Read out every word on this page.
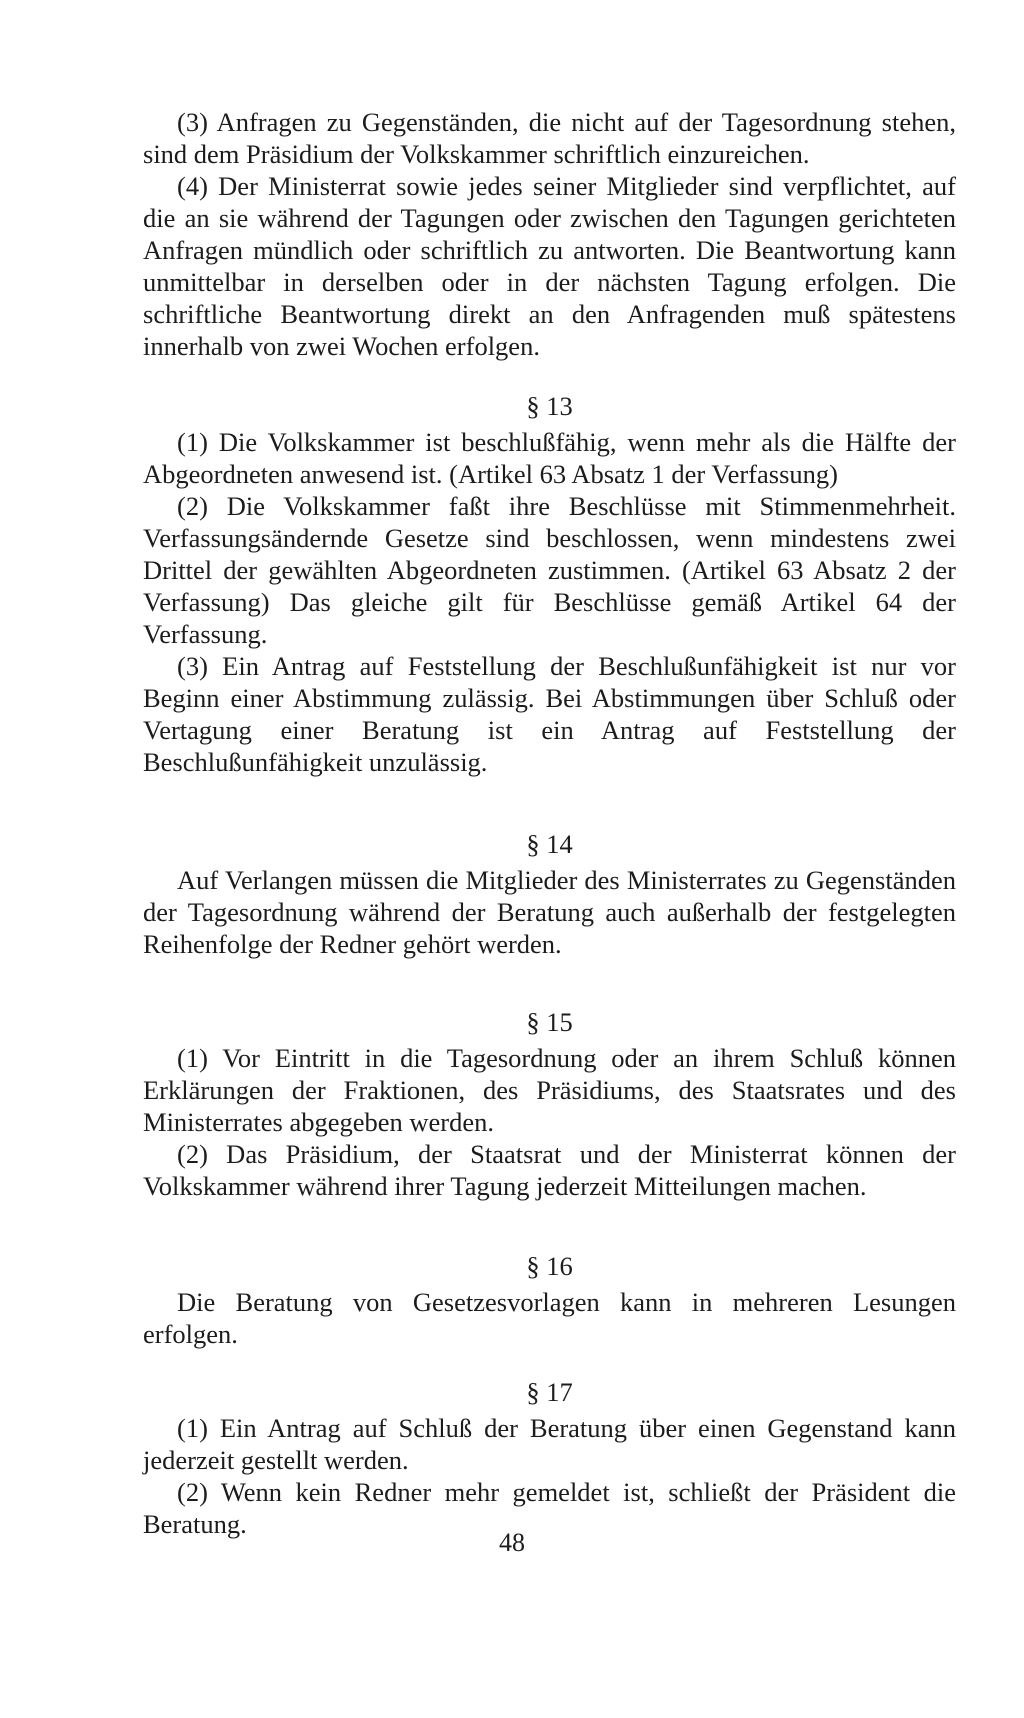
(3) Anfragen zu Gegenständen, die nicht auf der Tagesordnung stehen, sind dem Präsidium der Volkskammer schriftlich einzureichen.

(4) Der Ministerrat sowie jedes seiner Mitglieder sind verpflichtet, auf die an sie während der Tagungen oder zwischen den Tagungen gerichteten Anfragen mündlich oder schriftlich zu antworten. Die Beantwortung kann unmittelbar in derselben oder in der nächsten Tagung erfolgen. Die schriftliche Beantwortung direkt an den Anfragenden muß spätestens innerhalb von zwei Wochen erfolgen.

§ 13

(1) Die Volkskammer ist beschlußfähig, wenn mehr als die Hälfte der Abgeordneten anwesend ist. (Artikel 63 Absatz 1 der Verfassung)

(2) Die Volkskammer faßt ihre Beschlüsse mit Stimmenmehrheit. Verfassungsändernde Gesetze sind beschlossen, wenn mindestens zwei Drittel der gewählten Abgeordneten zustimmen. (Artikel 63 Absatz 2 der Verfassung) Das gleiche gilt für Beschlüsse gemäß Artikel 64 der Verfassung.

(3) Ein Antrag auf Feststellung der Beschlußunfähigkeit ist nur vor Beginn einer Abstimmung zulässig. Bei Abstimmungen über Schluß oder Vertagung einer Beratung ist ein Antrag auf Feststellung der Beschlußunfähigkeit unzulässig.

§ 14

Auf Verlangen müssen die Mitglieder des Ministerrates zu Gegenständen der Tagesordnung während der Beratung auch außerhalb der festgelegten Reihenfolge der Redner gehört werden.

§ 15

(1) Vor Eintritt in die Tagesordnung oder an ihrem Schluß können Erklärungen der Fraktionen, des Präsidiums, des Staatsrates und des Ministerrates abgegeben werden.

(2) Das Präsidium, der Staatsrat und der Ministerrat können der Volkskammer während ihrer Tagung jederzeit Mitteilungen machen.

§ 16

Die Beratung von Gesetzesvorlagen kann in mehreren Lesungen erfolgen.

§ 17

(1) Ein Antrag auf Schluß der Beratung über einen Gegenstand kann jederzeit gestellt werden.

(2) Wenn kein Redner mehr gemeldet ist, schließt der Präsident die Beratung.

48
